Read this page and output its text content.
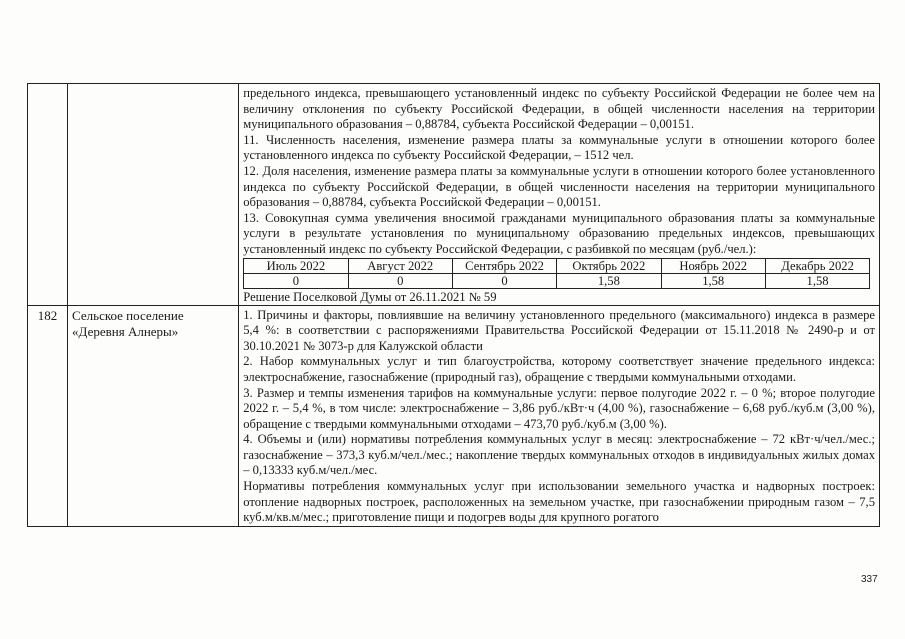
предельного индекса, превышающего установленный индекс по субъекту Российской Федерации не более чем на величину отклонения по субъекту Российской Федерации, в общей численности населения на территории муниципального образования – 0,88784, субъекта Российской Федерации – 0,00151.

11. Численность населения, изменение размера платы за коммунальные услуги в отношении которого более установленного индекса по субъекту Российской Федерации, – 1512 чел.

12. Доля населения, изменение размера платы за коммунальные услуги в отношении которого более установленного индекса по субъекту Российской Федерации, в общей численности населения на территории муниципального образования – 0,88784, субъекта Российской Федерации – 0,00151.

13. Совокупная сумма увеличения вносимой гражданами муниципального образования платы за коммунальные услуги в результате установления по муниципальному образованию предельных индексов, превышающих установленный индекс по субъекту Российской Федерации, с разбивкой по месяцам (руб./чел.):

Июль 2022	Август 2022	Сентябрь 2022	Октябрь 2022	Ноябрь 2022	Декабрь 2022
0	0	0	1,58	1,58	1,58
Решение Поселковой Думы от 26.11.2021 № 59

182	Сельское поселение «Деревня Алнеры»	

1. Причины и факторы, повлиявшие на величину установленного предельного (максимального) индекса в размере 5,4 %: в соответствии с распоряжениями Правительства Российской Федерации от 15.11.2018 № 2490-р и от 30.10.2021 № 3073-р для Калужской области

2. Набор коммунальных услуг и тип благоустройства, которому соответствует значение предельного индекса: электроснабжение, газоснабжение (природный газ), обращение с твердыми коммунальными отходами.

3. Размер и темпы изменения тарифов на коммунальные услуги: первое полугодие 2022 г. – 0 %; второе полугодие 2022 г. – 5,4 %, в том числе: электроснабжение – 3,86 руб./кВт·ч (4,00 %), газоснабжение – 6,68 руб./куб.м (3,00 %), обращение с твердыми коммунальными отходами – 473,70 руб./куб.м (3,00 %).

4. Объемы и (или) нормативы потребления коммунальных услуг в месяц: электроснабжение – 72 кВт·ч/чел./мес.; газоснабжение – 373,3 куб.м/чел./мес.; накопление твердых коммунальных отходов в индивидуальных жилых домах – 0,13333 куб.м/чел./мес.

Нормативы потребления коммунальных услуг при использовании земельного участка и надворных построек: отопление надворных построек, расположенных на земельном участке, при газоснабжении природным газом – 7,5 куб.м/кв.м/мес.; приготовление пищи и подогрев воды для крупного рогатого

337
